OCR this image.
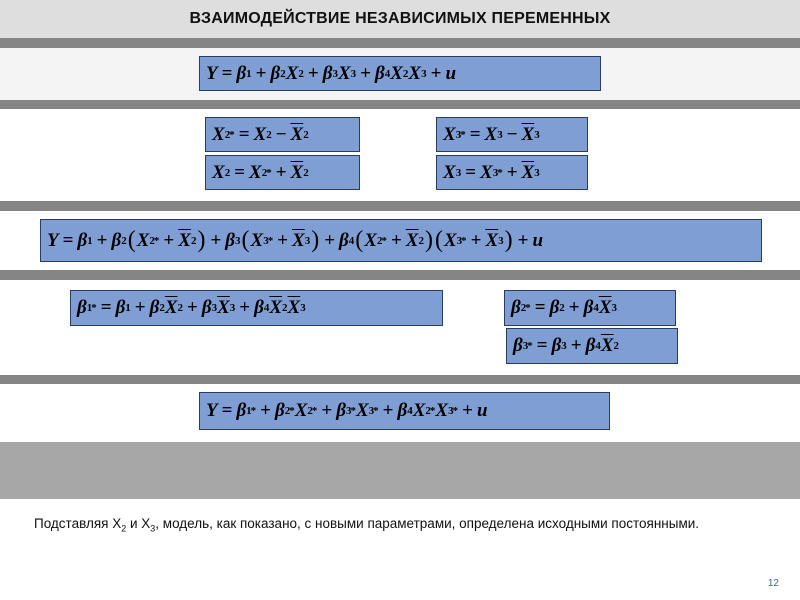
ВЗАИМОДЕЙСТВИЕ НЕЗАВИСИМЫХ ПЕРЕМЕННЫХ
Y = β 1 + β 2 X 2 + β 3 X 3 + β 4 X 2 X 3 + u
X 2 * = X $2 - \overline{X}$ 2
X 2 = X 2 * + $\overline{X}$ 2
X 3 * = X $3 - \overline{X}$ 3
X 3 = X 3 * + $\overline{X}$ 3
Y = β 1 + β 2 ( X 2 * + $\overline{X}$ 2 ) + β 3 ( X 3 * + $\overline{X}$ 3 ) + β 4 ( X 2 * + $\overline{X}$ 2 ) ( X 3 * + $\overline{X}$ 3 ) + u
β 1 * = β 1 + β 2 $\overline{X}$ 2 + β 3 $\overline{X}$ 3 + β 4 $\overline{X}$ 2 $\overline{X}$ 3	β 2 * = β 2 + β 4 $\overline{X}$ 3
β 3 * = β 3 + β 4 $\overline{X}$ 2
Y = β 1 * + β 2 * X 2 * + β 3 * X 3 * + β 4 X 2 * X 3 * + u
Подставляя $X_2$ и $X_3$, модель, как показано, с новыми параметрами, определена исходными постоянными.
12
